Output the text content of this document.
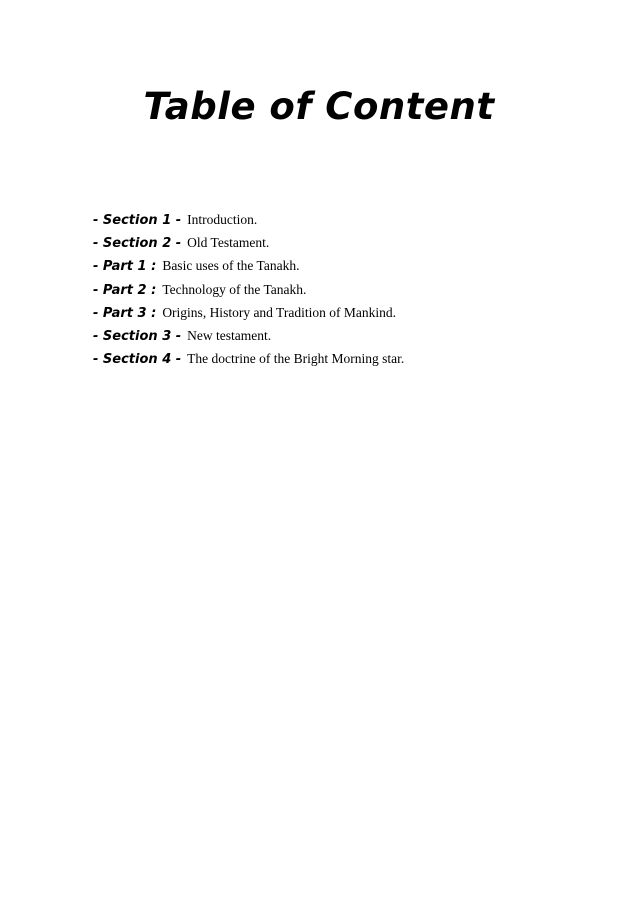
Table of Content
- Section 1 - Introduction.
- Section 2 - Old Testament.
- Part 1 : Basic uses of the Tanakh.
- Part 2 : Technology of the Tanakh.
- Part 3 : Origins, History and Tradition of Mankind.
- Section 3 - New testament.
- Section 4 - The doctrine of the Bright Morning star.
